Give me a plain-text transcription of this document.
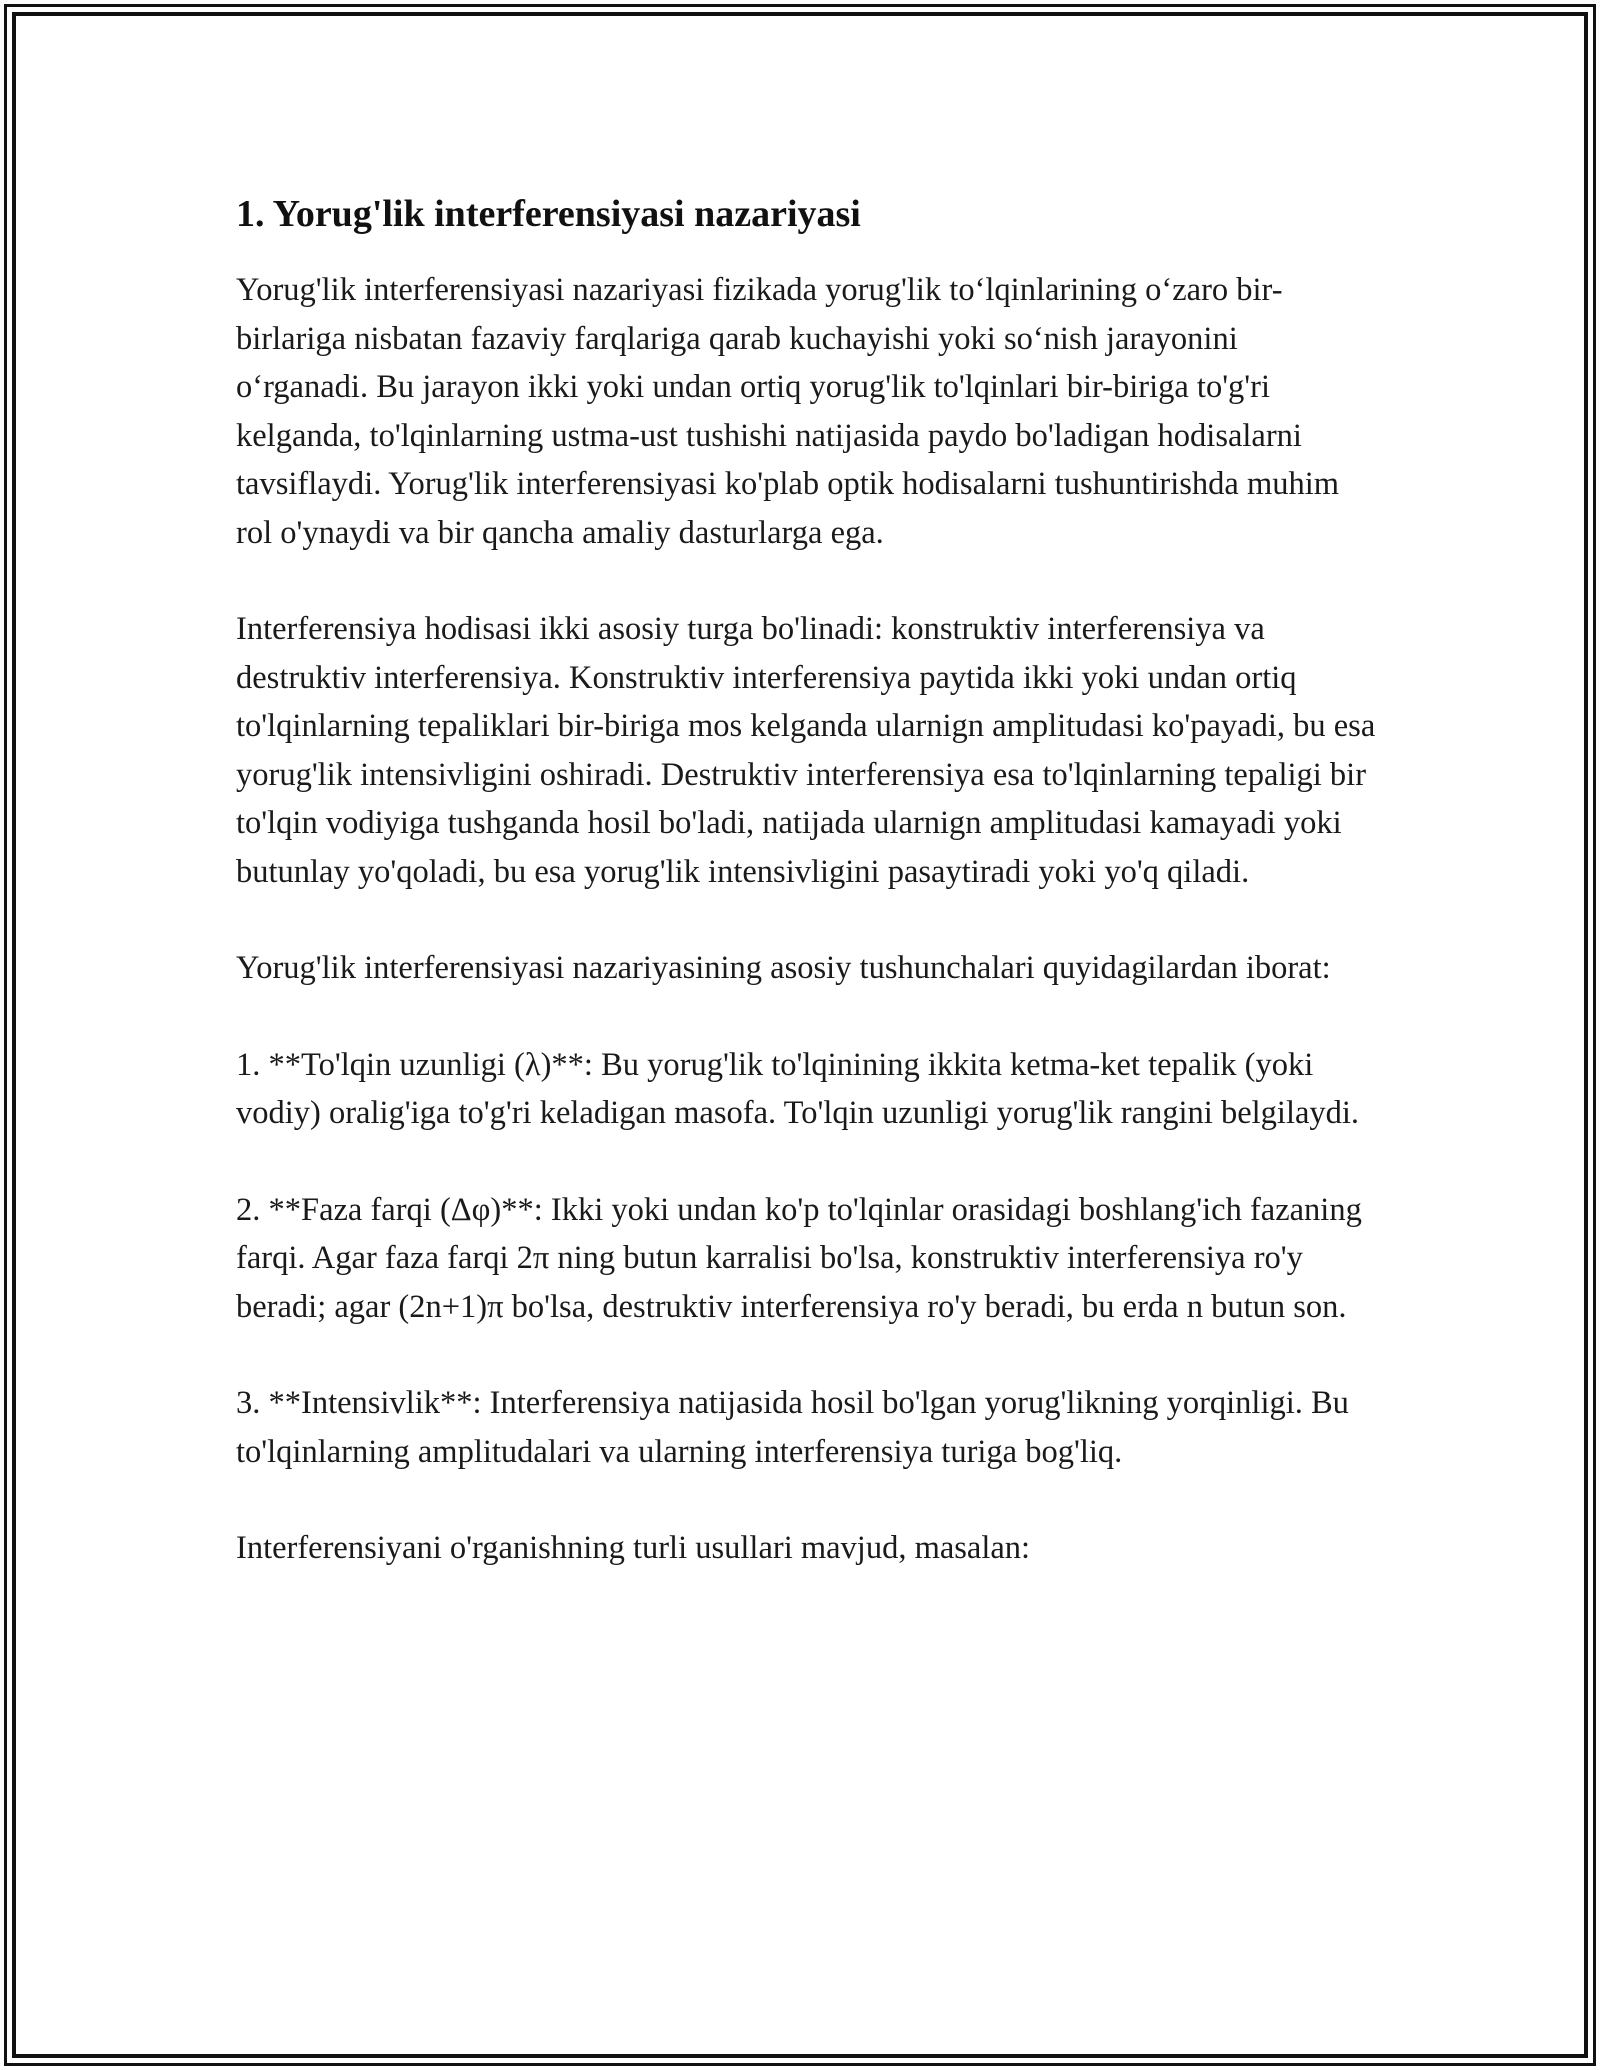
1. Yorug'lik interferensiyasi nazariyasi

Yorug'lik interferensiyasi nazariyasi fizikada yorug'lik to‘lqinlarining o‘zaro bir-birlariga nisbatan fazaviy farqlariga qarab kuchayishi yoki so‘nish jarayonini o‘rganadi. Bu jarayon ikki yoki undan ortiq yorug'lik to'lqinlari bir-biriga to'g'ri kelganda, to'lqinlarning ustma-ust tushishi natijasida paydo bo'ladigan hodisalarni tavsiflaydi. Yorug'lik interferensiyasi ko'plab optik hodisalarni tushuntirishda muhim rol o'ynaydi va bir qancha amaliy dasturlarga ega.

Interferensiya hodisasi ikki asosiy turga bo'linadi: konstruktiv interferensiya va destruktiv interferensiya. Konstruktiv interferensiya paytida ikki yoki undan ortiq to'lqinlarning tepaliklari bir-biriga mos kelganda ularnign amplitudasi ko'payadi, bu esa yorug'lik intensivligini oshiradi. Destruktiv interferensiya esa to'lqinlarning tepaligi bir to'lqin vodiyiga tushganda hosil bo'ladi, natijada ularnign amplitudasi kamayadi yoki butunlay yo'qoladi, bu esa yorug'lik intensivligini pasaytiradi yoki yo'q qiladi.

Yorug'lik interferensiyasi nazariyasining asosiy tushunchalari quyidagilardan iborat:

1. **To'lqin uzunligi (λ)**: Bu yorug'lik to'lqinining ikkita ketma-ket tepalik (yoki vodiy) oralig'iga to'g'ri keladigan masofa. To'lqin uzunligi yorug'lik rangini belgilaydi.

2. **Faza farqi (Δφ)**: Ikki yoki undan ko'p to'lqinlar orasidagi boshlang'ich fazaning farqi. Agar faza farqi 2π ning butun karralisi bo'lsa, konstruktiv interferensiya ro'y beradi; agar (2n+1)π bo'lsa, destruktiv interferensiya ro'y beradi, bu erda n butun son.

3. **Intensivlik**: Interferensiya natijasida hosil bo'lgan yorug'likning yorqinligi. Bu to'lqinlarning amplitudalari va ularning interferensiya turiga bog'liq.

Interferensiyani o'rganishning turli usullari mavjud, masalan:
